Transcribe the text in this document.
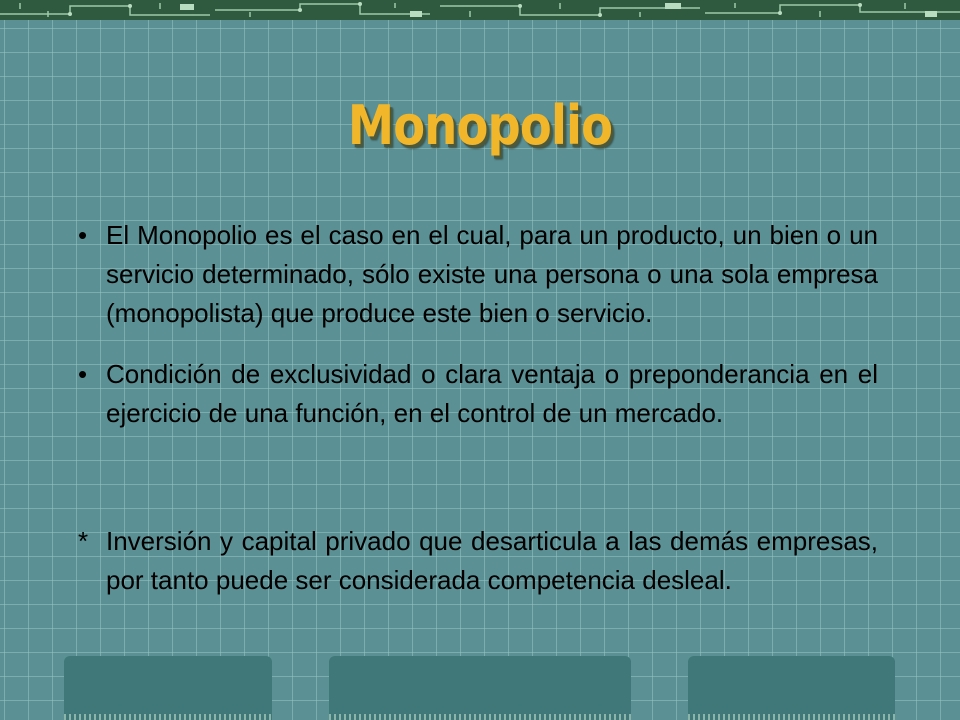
Monopolio
• El Monopolio es el caso en el cual, para un producto, un bien o un servicio determinado, sólo existe una persona o una sola empresa (monopolista) que produce este bien o servicio.
• Condición de exclusividad o clara ventaja o preponderancia en el ejercicio de una función, en el control de un mercado.
* Inversión y capital privado que desarticula a las demás empresas, por tanto puede ser considerada competencia desleal.
